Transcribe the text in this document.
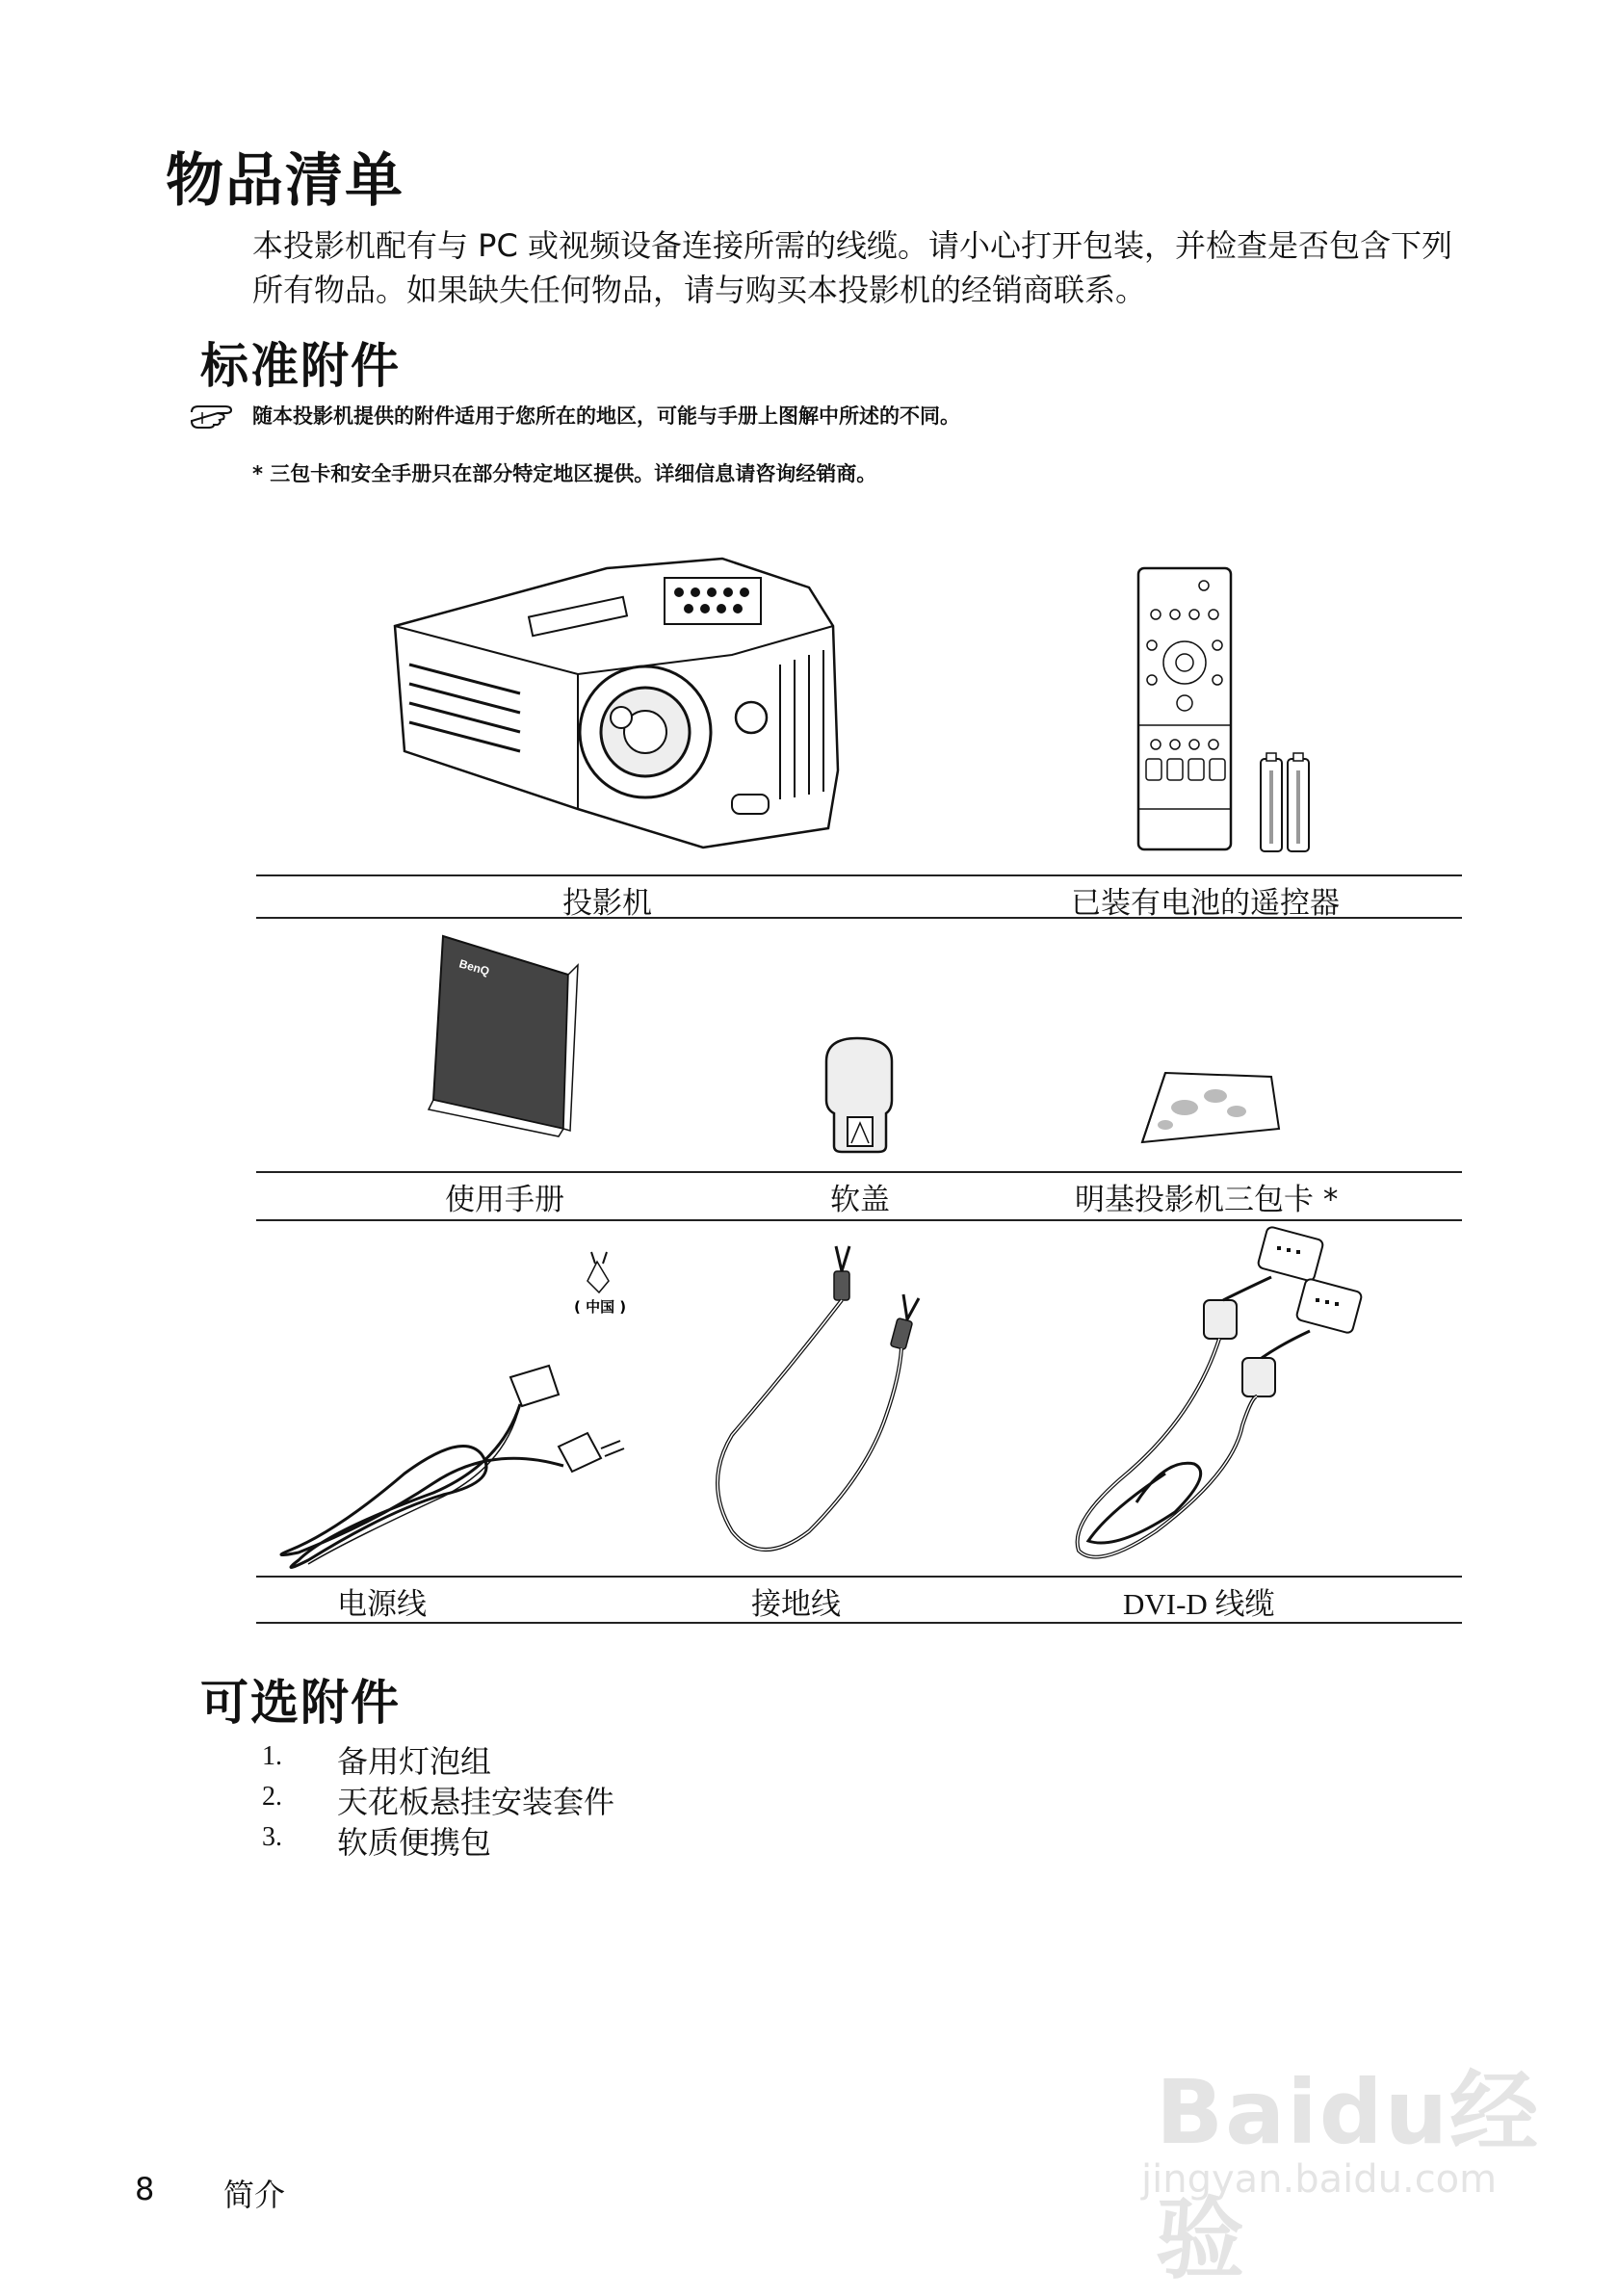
物品清单
本投影机配有与 PC 或视频设备连接所需的线缆。请小心打开包装，并检查是否包含下列所有物品。如果缺失任何物品，请与购买本投影机的经销商联系。
标准附件
随本投影机提供的附件适用于您所在的地区，可能与手册上图解中所述的不同。
* 三包卡和安全手册只在部分特定地区提供。详细信息请咨询经销商。
投影机	已装有电池的遥控器
BenQ
使用手册	软盖	明基投影机三包卡 *
( 中国 )
电源线	接地线	DVI-D 线缆
可选附件
1. 备用灯泡组
2. 天花板悬挂安装套件
3. 软质便携包
8 简介
Baidu经验
jingyan.baidu.com
